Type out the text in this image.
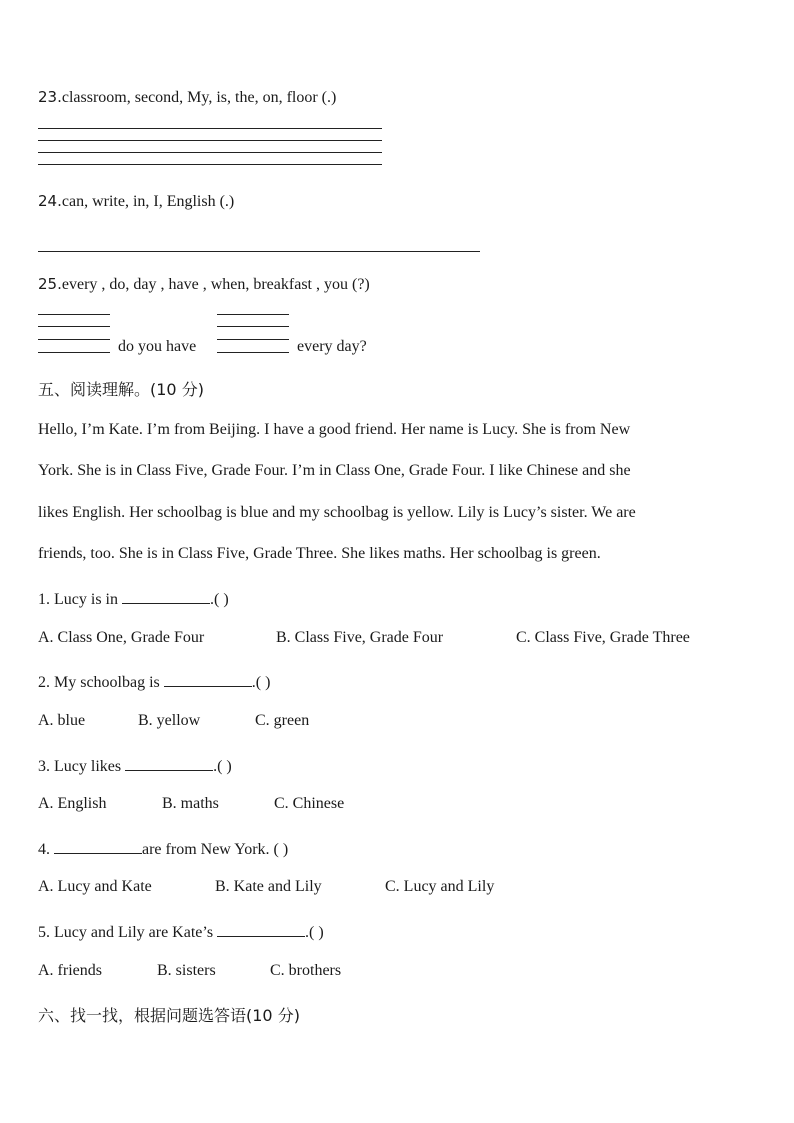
23.classroom, second, My, is, the, on, floor (.)
24.can, write, in, I, English (.)
25.every , do, day , have , when, breakfast , you (?)
do you have	every day?
五、阅读理解。(10 分)
Hello, I’m Kate. I’m from Beijing. I have a good friend. Her name is Lucy. She is from New
York. She is in Class Five, Grade Four. I’m in Class One, Grade Four. I like Chinese and she
likes English. Her schoolbag is blue and my schoolbag is yellow. Lily is Lucy’s sister. We are
friends, too. She is in Class Five, Grade Three. She likes maths. Her schoolbag is green.
1. Lucy is in	.( )
A. Class One, Grade Four	B. Class Five, Grade Four	C. Class Five, Grade Three
2. My schoolbag is	.( )
A. blue	B. yellow	C. green
3. Lucy likes	.( )
A. English	B. maths	C. Chinese
4.	are from New York. ( )
A. Lucy and Kate	B. Kate and Lily	C. Lucy and Lily
5. Lucy and Lily are Kate’s	.( )
A. friends	B. sisters	C. brothers
六、找一找，根据问题选答语(10 分)
